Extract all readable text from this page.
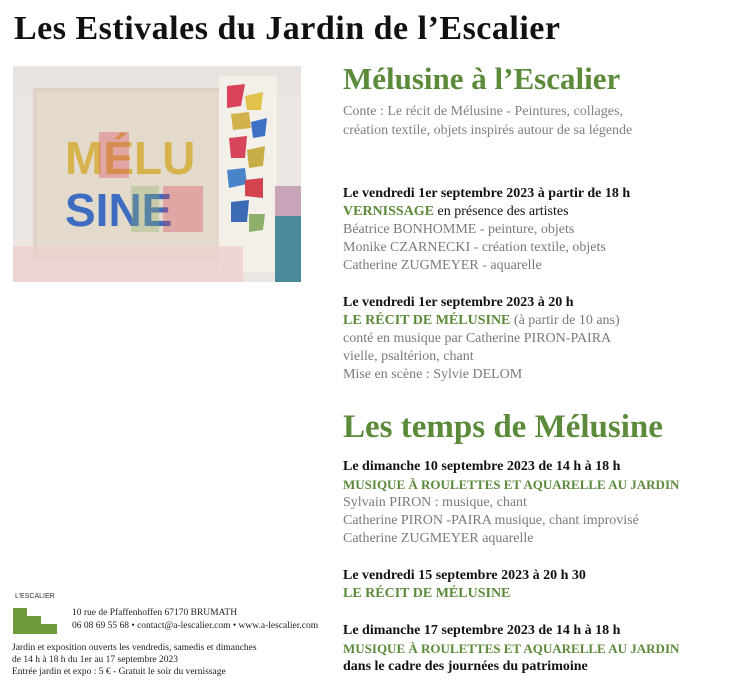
Les Estivales du Jardin de l’Escalier
MÉLU
SINE
Mélusine à l’Escalier

Conte : Le récit de Mélusine - Peintures, collages,
création textile, objets inspirés autour de sa légende

Le vendredi 1er septembre 2023 à partir de 18 h
VERNISSAGE en présence des artistes
Béatrice BONHOMME - peinture, objets
Monike CZARNECKI - création textile, objets
Catherine ZUGMEYER - aquarelle
Le vendredi 1er septembre 2023 à 20 h
LE RÉCIT DE MÉLUSINE (à partir de 10 ans)
conté en musique par Catherine PIRON-PAIRA
vielle, psaltérion, chant
Mise en scène : Sylvie DELOM
Les temps de Mélusine
Le dimanche 10 septembre 2023 de 14 h à 18 h
MUSIQUE À ROULETTES ET AQUARELLE AU JARDIN
Sylvain PIRON : musique, chant
Catherine PIRON -PAIRA musique, chant improvisé
Catherine ZUGMEYER aquarelle
Le vendredi 15 septembre 2023 à 20 h 30
LE RÉCIT DE MÉLUSINE
Le dimanche 17 septembre 2023 de 14 h à 18 h
MUSIQUE À ROULETTES ET AQUARELLE AU JARDIN
dans le cadre des journées du patrimoine
L’ESCALIER
10 rue de Pfaffenhoffen 67170 BRUMATH
06 08 69 55 68 • contact@a-lescalier.com • www.a-lescalier.com
Jardin et exposition ouverts les vendredis, samedis et dimanches
de 14 h à 18 h du 1er au 17 septembre 2023
Entrée jardin et expo : 5 € - Gratuit le soir du vernissage
